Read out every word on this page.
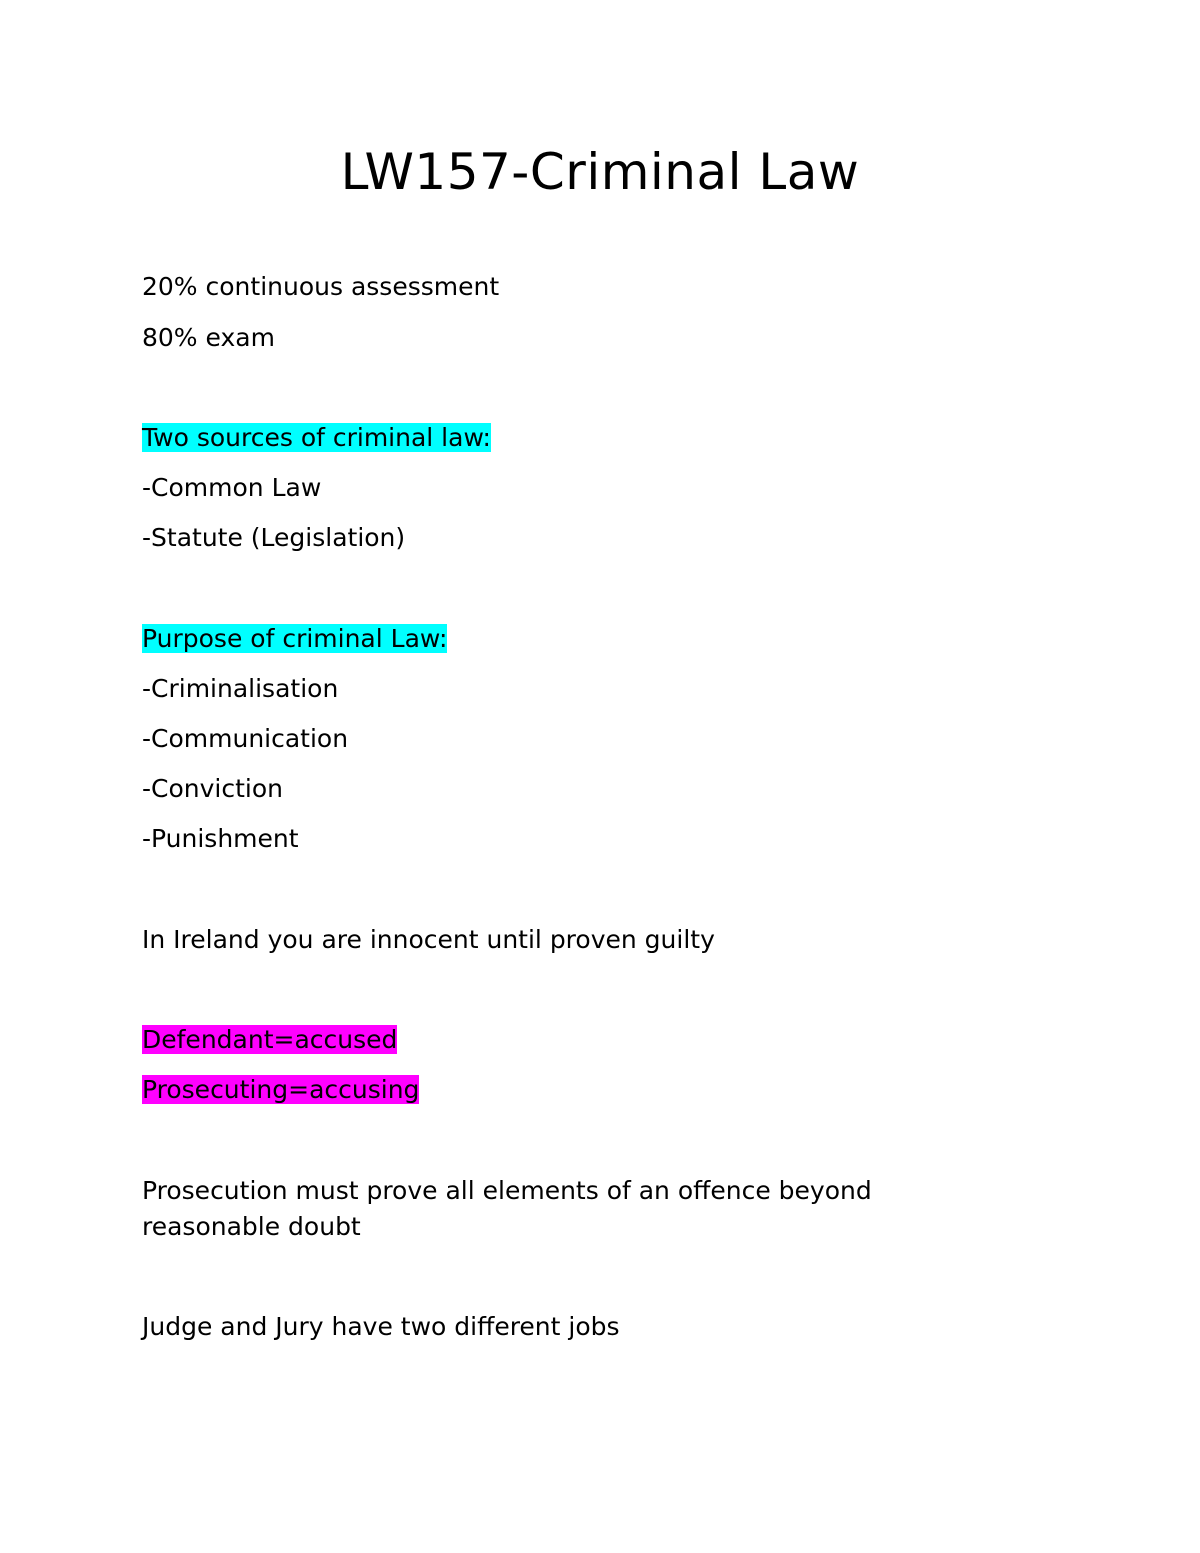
LW157-Criminal Law
20% continuous assessment
80% exam
Two sources of criminal law:
-Common Law
-Statute (Legislation)
Purpose of criminal Law:
-Criminalisation
-Communication
-Conviction
-Punishment
In Ireland you are innocent until proven guilty
Defendant=accused
Prosecuting=accusing
Prosecution must prove all elements of an offence beyond reasonable doubt
Judge and Jury have two different jobs
